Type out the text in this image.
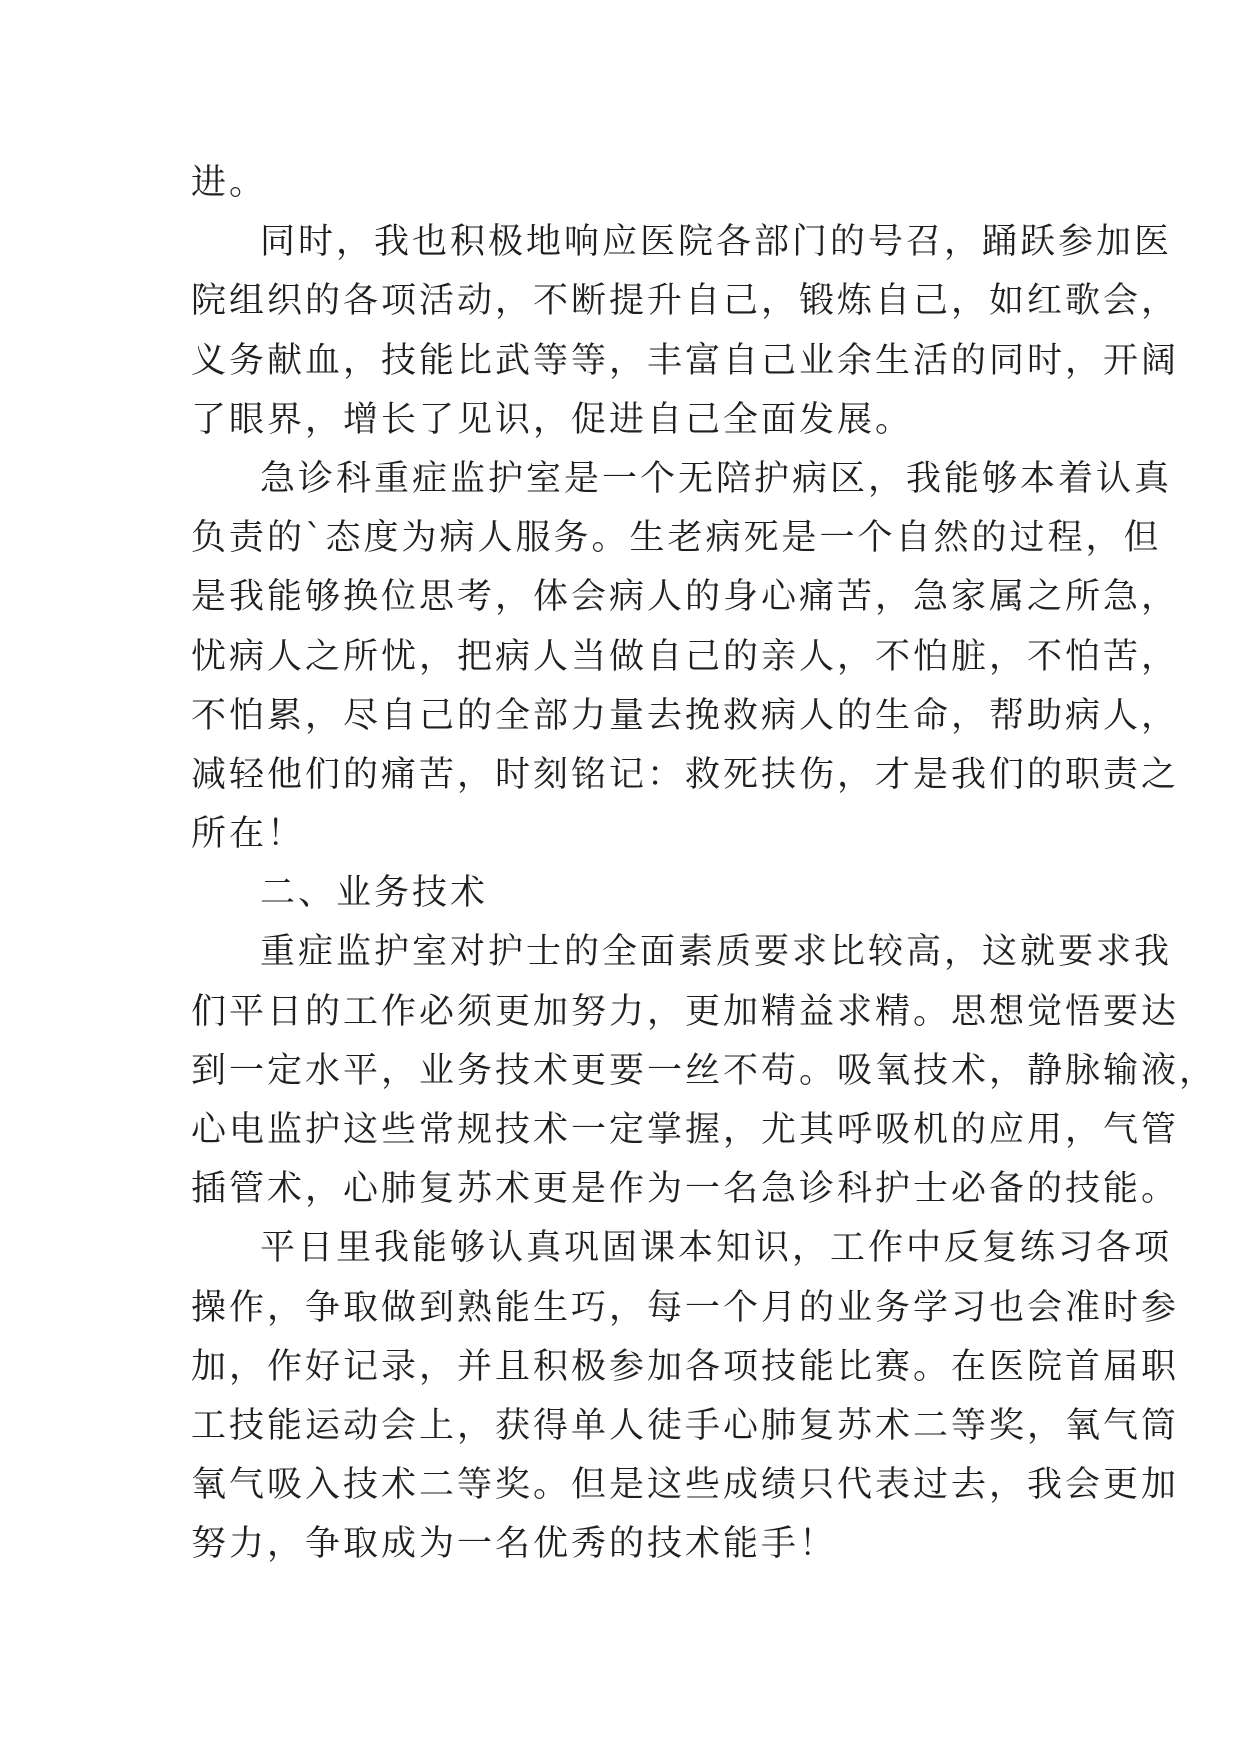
进。
同时，我也积极地响应医院各部门的号召，踊跃参加医
院组织的各项活动，不断提升自己，锻炼自己，如红歌会，
义务献血，技能比武等等，丰富自己业余生活的同时，开阔
了眼界，增长了见识，促进自己全面发展。
急诊科重症监护室是一个无陪护病区，我能够本着认真
负责的`态度为病人服务。生老病死是一个自然的过程，但
是我能够换位思考，体会病人的身心痛苦，急家属之所急，
忧病人之所忧，把病人当做自己的亲人，不怕脏，不怕苦，
不怕累，尽自己的全部力量去挽救病人的生命，帮助病人，
减轻他们的痛苦，时刻铭记：救死扶伤，才是我们的职责之
所在！
二、业务技术
重症监护室对护士的全面素质要求比较高，这就要求我
们平日的工作必须更加努力，更加精益求精。思想觉悟要达
到一定水平，业务技术更要一丝不苟。吸氧技术，静脉输液，
心电监护这些常规技术一定掌握，尤其呼吸机的应用，气管
插管术，心肺复苏术更是作为一名急诊科护士必备的技能。
平日里我能够认真巩固课本知识，工作中反复练习各项
操作，争取做到熟能生巧，每一个月的业务学习也会准时参
加，作好记录，并且积极参加各项技能比赛。在医院首届职
工技能运动会上，获得单人徒手心肺复苏术二等奖，氧气筒
氧气吸入技术二等奖。但是这些成绩只代表过去，我会更加
努力，争取成为一名优秀的技术能手！
